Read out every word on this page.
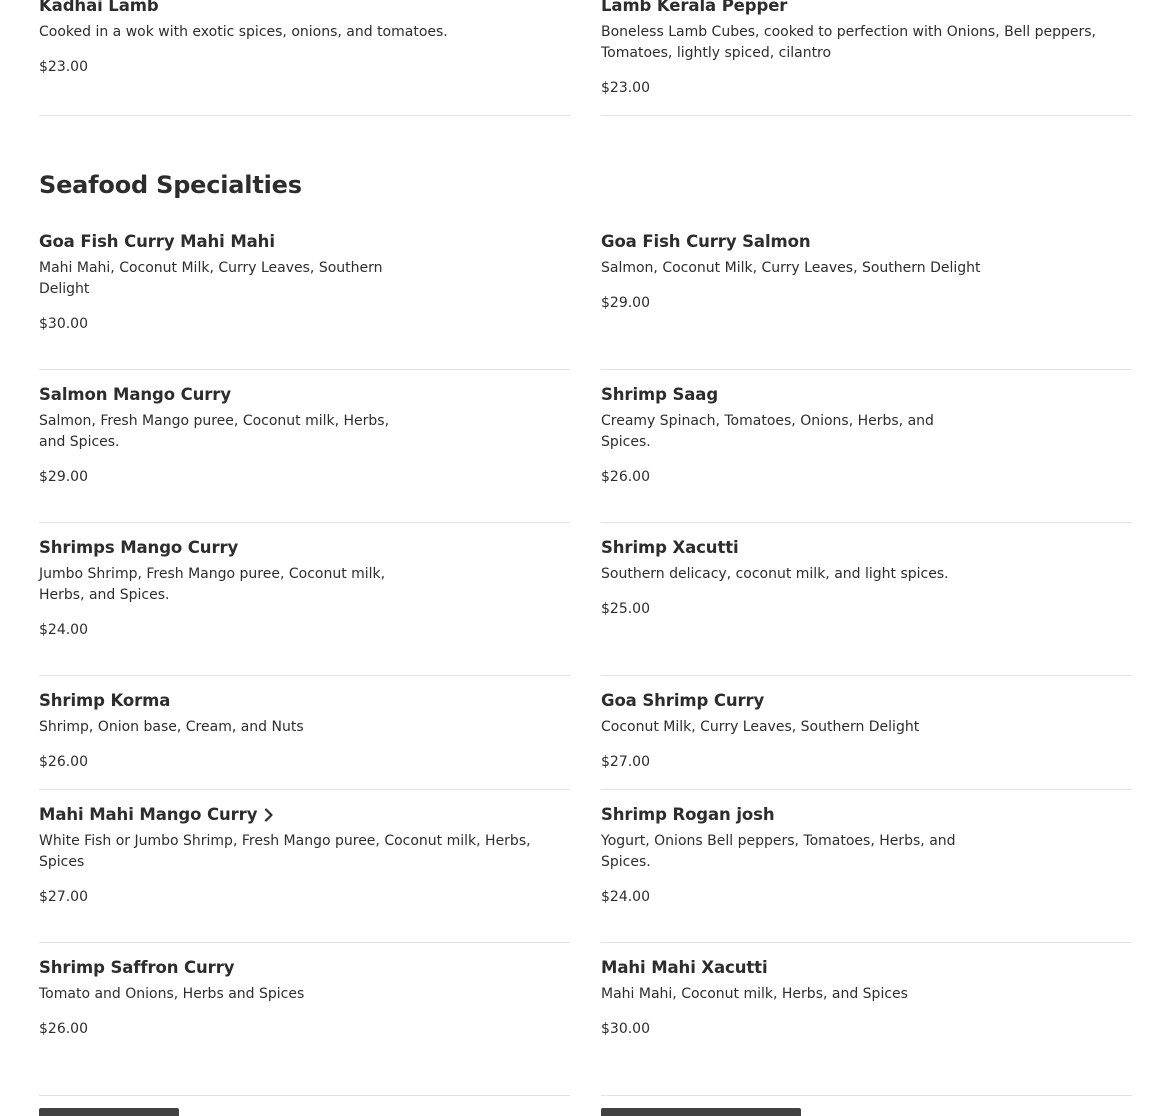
Kadhai Lamb
Cooked in a wok with exotic spices, onions, and tomatoes.
$23.00
Lamb Kerala Pepper
Boneless Lamb Cubes, cooked to perfection with Onions, Bell peppers, Tomatoes, lightly spiced, cilantro
$23.00
Seafood Specialties
Goa Fish Curry Mahi Mahi
Mahi Mahi, Coconut Milk, Curry Leaves, Southern Delight
$30.00
Goa Fish Curry Salmon
Salmon, Coconut Milk, Curry Leaves, Southern Delight
$29.00
Salmon Mango Curry
Salmon, Fresh Mango puree, Coconut milk, Herbs, and Spices.
$29.00
Shrimp Saag
Creamy Spinach, Tomatoes, Onions, Herbs, and Spices.
$26.00
Shrimps Mango Curry
Jumbo Shrimp, Fresh Mango puree, Coconut milk, Herbs, and Spices.
$24.00
Shrimp Xacutti
Southern delicacy, coconut milk, and light spices.
$25.00
Shrimp Korma
Shrimp, Onion base, Cream, and Nuts
$26.00
Goa Shrimp Curry
Coconut Milk, Curry Leaves, Southern Delight
$27.00
Mahi Mahi Mango Curry
White Fish or Jumbo Shrimp, Fresh Mango puree, Coconut milk, Herbs, Spices
$27.00
Shrimp Rogan josh
Yogurt, Onions Bell peppers, Tomatoes, Herbs, and Spices.
$24.00
Shrimp Saffron Curry
Tomato and Onions, Herbs and Spices
$26.00
Mahi Mahi Xacutti
Mahi Mahi, Coconut milk, Herbs, and Spices
$30.00
